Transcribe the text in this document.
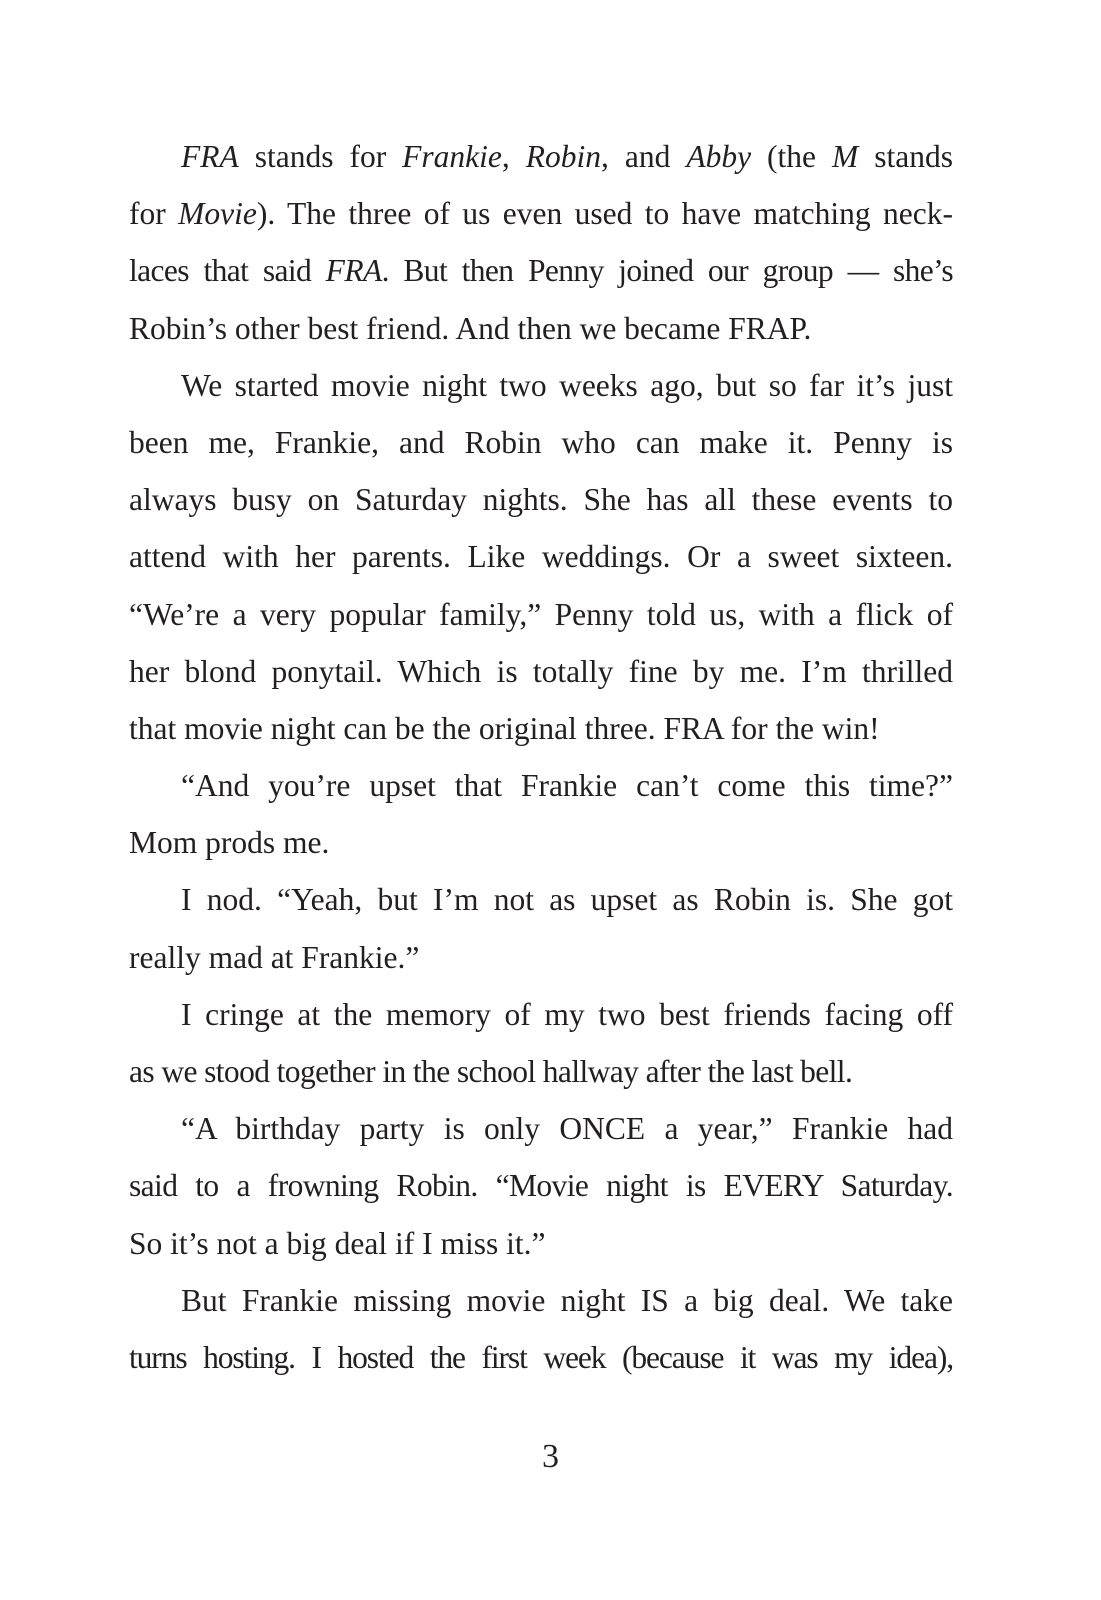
FRA stands for Frankie, Robin, and Abby (the M stands
for Movie). The three of us even used to have matching neck-
laces that said FRA. But then Penny joined our group — she’s
Robin’s other best friend. And then we became FRAP.
We started movie night two weeks ago, but so far it’s just
been me, Frankie, and Robin who can make it. Penny is
always busy on Saturday nights. She has all these events to
attend with her parents. Like weddings. Or a sweet sixteen.
“We’re a very popular family,” Penny told us, with a flick of
her blond ponytail. Which is totally fine by me. I’m thrilled
that movie night can be the original three. FRA for the win!
“And you’re upset that Frankie can’t come this time?”
Mom prods me.
I nod. “Yeah, but I’m not as upset as Robin is. She got
really mad at Frankie.”
I cringe at the memory of my two best friends facing off
as we stood together in the school hallway after the last bell.
“A birthday party is only ONCE a year,” Frankie had
said to a frowning Robin. “Movie night is EVERY Saturday.
So it’s not a big deal if I miss it.”
But Frankie missing movie night IS a big deal. We take
turns hosting. I hosted the first week (because it was my idea),
3
